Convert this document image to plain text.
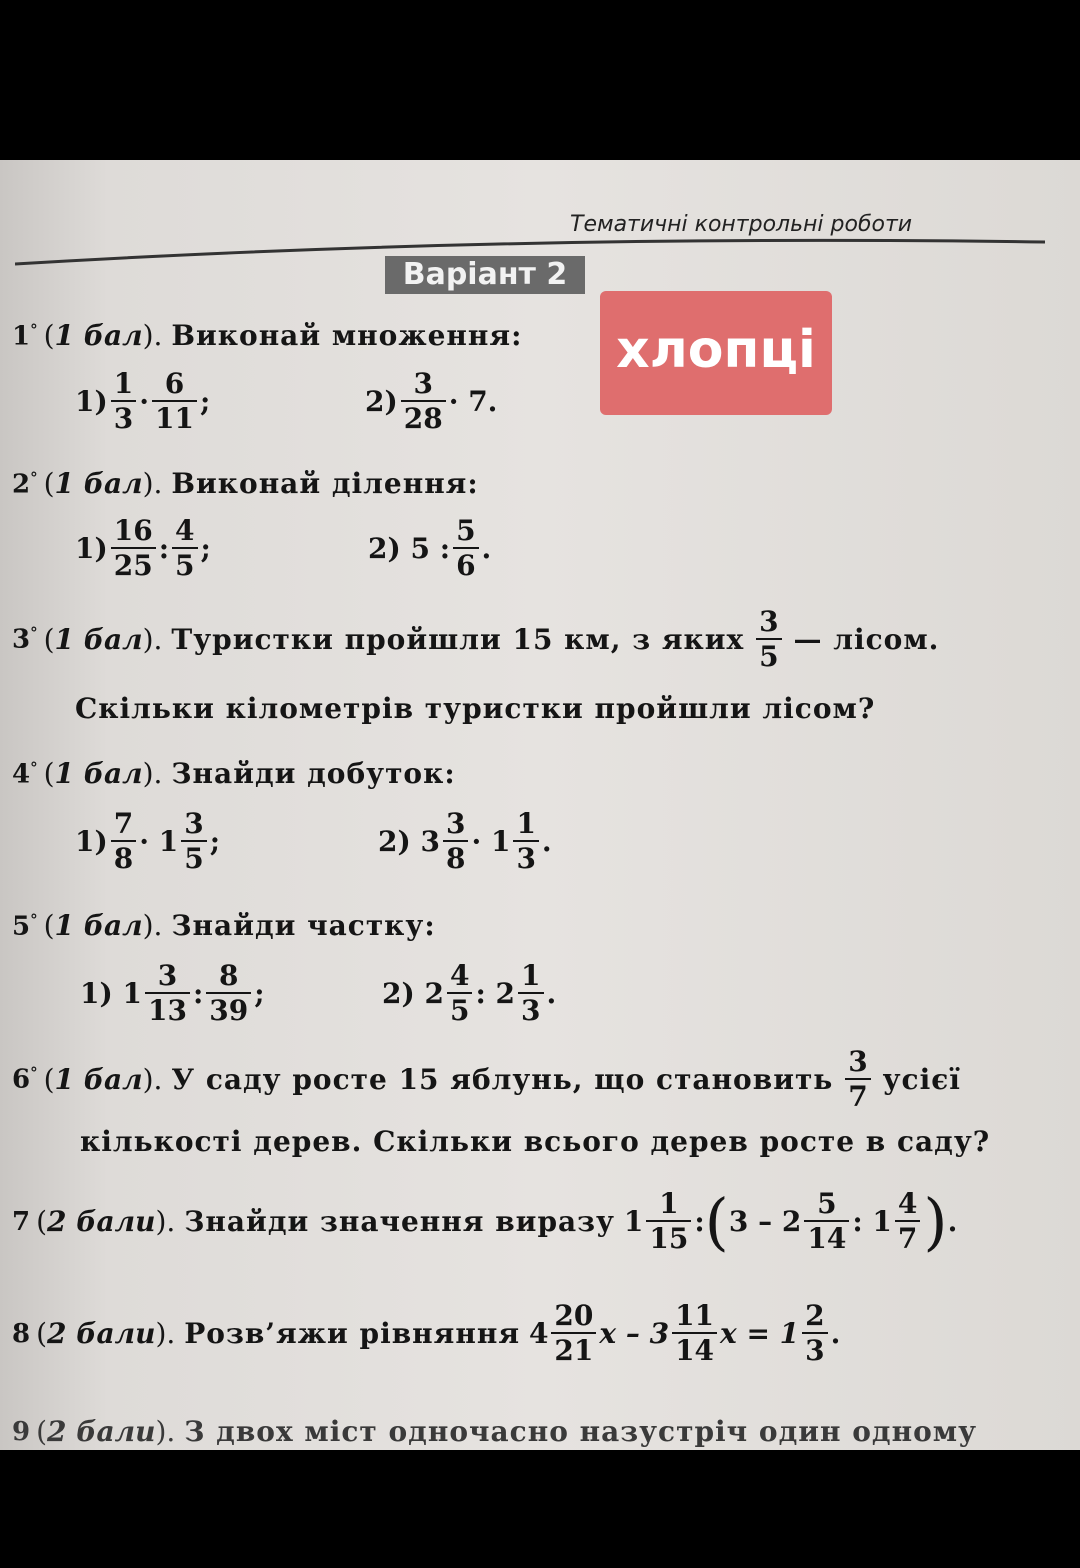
Тематичні контрольні роботи
Варіант 2
1° ( 1 бал ). Виконай множення:
$1) \frac{1}{3} \cdot \frac{6}{11}$ ;	$2) \frac{3}{28} \cdot 7$.
2° ( 1 бал ). Виконай ділення:
$1) \frac{16}{25}$ : $\frac{4}{5}$ ;	2)
5 : $\frac{5}{6}$ .
3° ( 1 бал ). Туристки пройшли 15 км, з яких
$\frac{3}{5}$
— лісом.
Скільки кілометрів туристки пройшли лісом?
4° ( 1 бал ). Знайди добуток:
$1) \frac{7}{8} \cdot 1 \frac{3}{5}$ ;	2)
$3 \frac{3}{8} \cdot 1 \frac{1}{3}$ .
5° ( 1 бал ). Знайди частку:
1)
$1 \frac{3}{13}$ : $\frac{8}{39}$ ;	2)
$2 \frac{4}{5}$ : $2 \frac{1}{3}$ .
6° ( 1 бал ). У саду росте 15 яблунь, що становить
$\frac{3}{7}$
усієї
кількості дерев. Скільки всього дерев росте в саду?
7 ( 2 бали ). Знайди значення виразу
$1 \frac{1}{15}$ : ( $3 - 2 \frac{5}{14}$ : $1 \frac{4}{7}$ ) .
8 ( 2 бали ). Розв’яжи рівняння
$4 \frac{20}{21}$ x – $3 \frac{11}{14}$ $x = 1 \frac{2}{3}$ .
9 ( 2 бали ). З двох міст одночасно назустріч один одному
хлопці
